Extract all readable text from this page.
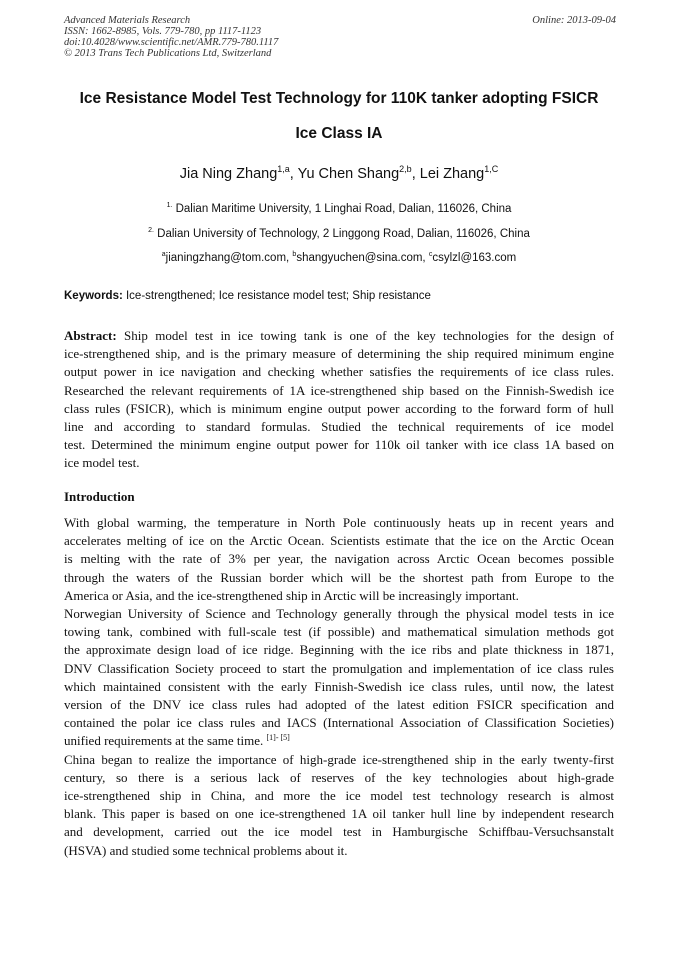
Advanced Materials Research
ISSN: 1662-8985, Vols. 779-780, pp 1117-1123
doi:10.4028/www.scientific.net/AMR.779-780.1117
© 2013 Trans Tech Publications Ltd, Switzerland
Online: 2013-09-04
Ice Resistance Model Test Technology for 110K tanker adopting FSICR
Ice Class IA
Jia Ning Zhang$^{1,a}$, Yu Chen Shang$^{2,b}$, Lei Zhang$^{1,C}$
$^{1.}$ Dalian Maritime University, 1 Linghai Road, Dalian, 116026, China
$^{2.}$ Dalian University of Technology, 2 Linggong Road, Dalian, 116026, China
$^a$jianingzhang@tom.com, $^b$shangyuchen@sina.com, $^c$csylzl@163.com
Keywords: Ice-strengthened; Ice resistance model test; Ship resistance
Abstract: Ship model test in ice towing tank is one of the key technologies for the design of
ice-strengthened ship, and is the primary measure of determining the ship required minimum engine
output power in ice navigation and checking whether satisfies the requirements of ice class rules.
Researched the relevant requirements of 1A ice-strengthened ship based on the Finnish-Swedish ice
class rules (FSICR), which is minimum engine output power according to the forward form of hull
line and according to standard formulas. Studied the technical requirements of ice model
test. Determined the minimum engine output power for 110k oil tanker with ice class 1A based on
ice model test.
Introduction
With global warming, the temperature in North Pole continuously heats up in recent years and
accelerates melting of ice on the Arctic Ocean. Scientists estimate that the ice on the Arctic Ocean
is melting with the rate of 3% per year, the navigation across Arctic Ocean becomes possible
through the waters of the Russian border which will be the shortest path from Europe to the
America or Asia, and the ice-strengthened ship in Arctic will be increasingly important.
Norwegian University of Science and Technology generally through the physical model tests in ice
towing tank, combined with full-scale test (if possible) and mathematical simulation methods got
the approximate design load of ice ridge. Beginning with the ice ribs and plate thickness in 1871,
DNV Classification Society proceed to start the promulgation and implementation of ice class rules
which maintained consistent with the early Finnish-Swedish ice class rules, until now, the latest
version of the DNV ice class rules had adopted of the latest edition FSICR specification and
contained the polar ice class rules and IACS (International Association of Classification Societies)
unified requirements at the same time. [1]- [5]
China began to realize the importance of high-grade ice-strengthened ship in the early twenty-first
century, so there is a serious lack of reserves of the key technologies about high-grade
ice-strengthened ship in China, and more the ice model test technology research is almost
blank. This paper is based on one ice-strengthened 1A oil tanker hull line by independent research
and development, carried out the ice model test in Hamburgische Schiffbau-Versuchsanstalt
(HSVA) and studied some technical problems about it.
